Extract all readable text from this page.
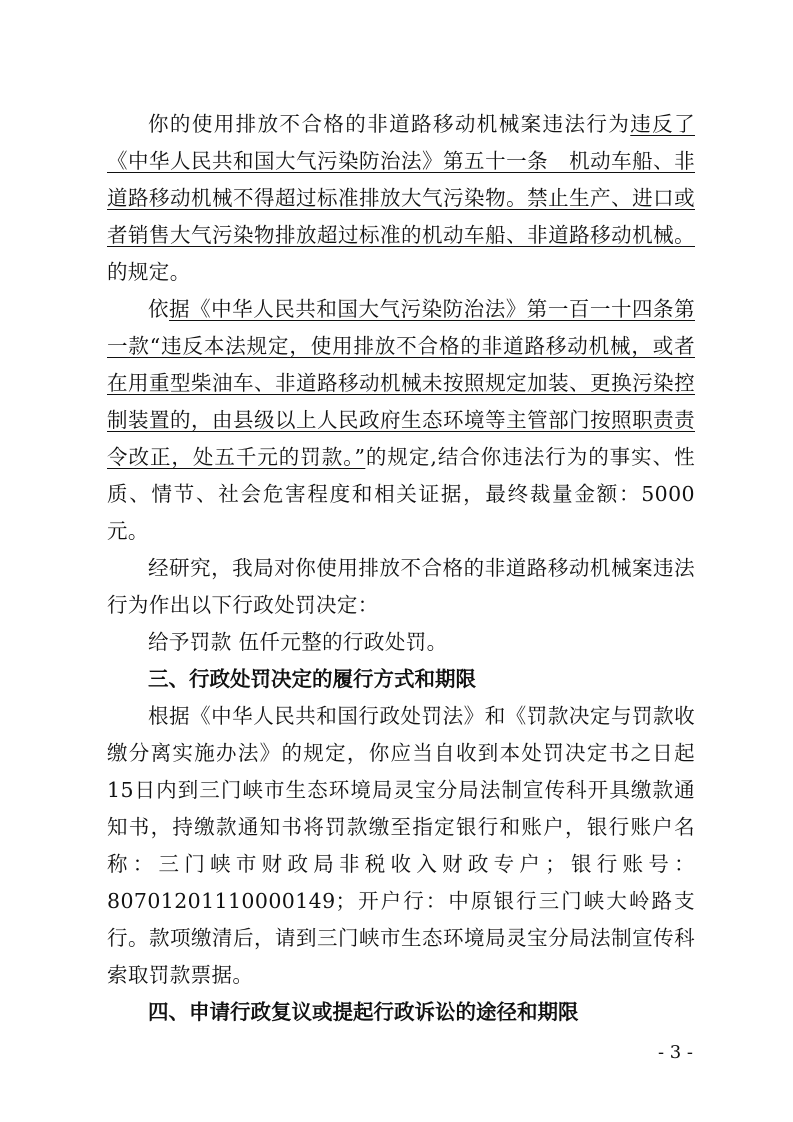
你的使用排放不合格的非道路移动机械案违法行为违反了《中华人民共和国大气污染防治法》第五十一条　机动车船、非道路移动机械不得超过标准排放大气污染物。禁止生产、进口或者销售大气污染物排放超过标准的机动车船、非道路移动机械。的规定。

依据《中华人民共和国大气污染防治法》第一百一十四条第一款“违反本法规定，使用排放不合格的非道路移动机械，或者在用重型柴油车、非道路移动机械未按照规定加装、更换污染控制装置的，由县级以上人民政府生态环境等主管部门按照职责责令改正，处五千元的罚款。”的规定,结合你违法行为的事实、性质、情节、社会危害程度和相关证据，最终裁量金额：5000元。

经研究，我局对你使用排放不合格的非道路移动机械案违法行为作出以下行政处罚决定：

给予罚款 伍仟元整的行政处罚。

三、行政处罚决定的履行方式和期限

根据《中华人民共和国行政处罚法》和《罚款决定与罚款收缴分离实施办法》的规定，你应当自收到本处罚决定书之日起15日内到三门峡市生态环境局灵宝分局法制宣传科开具缴款通知书，持缴款通知书将罚款缴至指定银行和账户，银行账户名称：三门峡市财政局非税收入财政专户；银行账号：80701201110000149；开户行：中原银行三门峡大岭路支行。款项缴清后，请到三门峡市生态环境局灵宝分局法制宣传科索取罚款票据。

四、申请行政复议或提起行政诉讼的途径和期限

- 3 -
